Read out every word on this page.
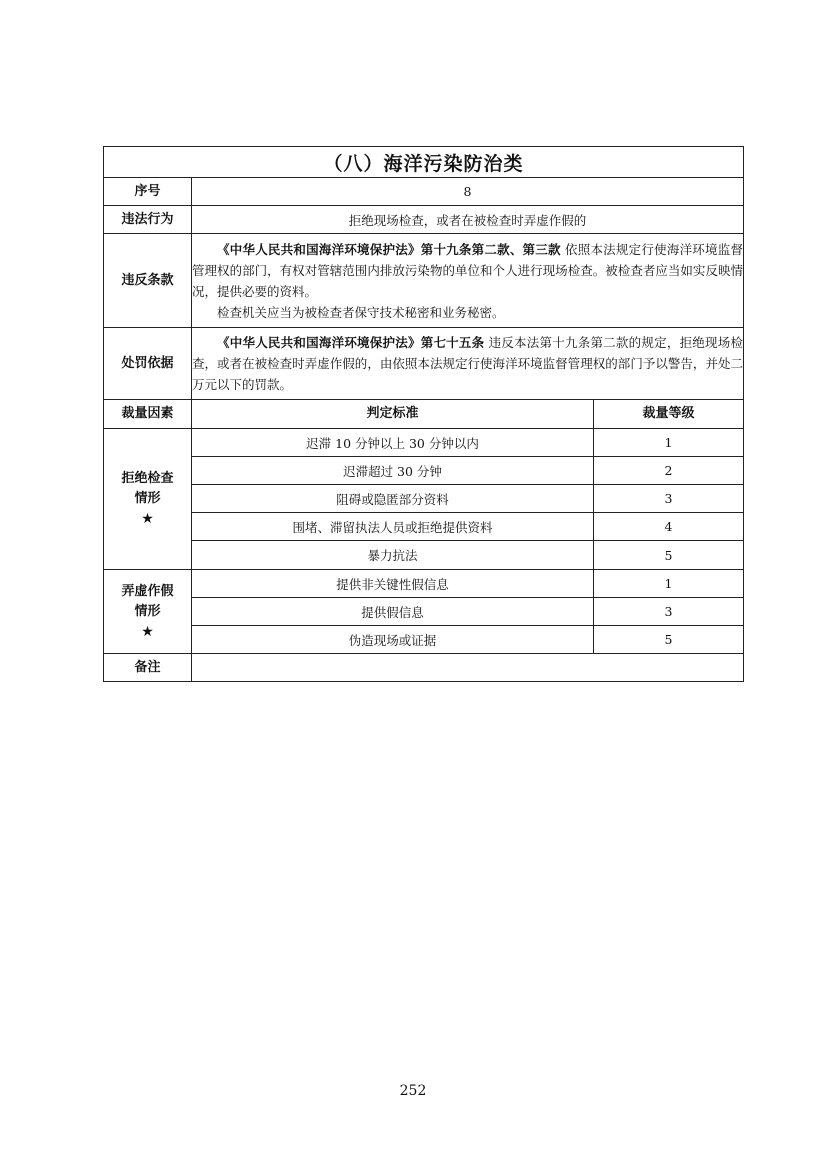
（八）海洋污染防治类		
序号	8	
违法行为	拒绝现场检查，或者在被检查时弄虚作假的	
违反条款	《中华人民共和国海洋环境保护法》第十九条第二款、第三款 依照本法规定行使海洋环境监督管理权的部门，有权对管辖范围内排放污染物的单位和个人进行现场检查。被检查者应当如实反映情况，提供必要的资料。

检查机关应当为被检查者保守技术秘密和业务秘密。	

处罚依据	《中华人民共和国海洋环境保护法》第七十五条 违反本法第十九条第二款的规定，拒绝现场检查，或者在被检查时弄虚作假的，由依照本法规定行使海洋环境监督管理权的部门予以警告，并处二万元以下的罚款。	

裁量因素	判定标准	裁量等级
拒绝检查
情形
★	迟滞 10 分钟以上 30 分钟以内	1
	迟滞超过 30 分钟	2
	阻碍或隐匿部分资料	3
	围堵、滞留执法人员或拒绝提供资料	4
	暴力抗法	5
弄虚作假
情形
★	提供非关键性假信息	1
	提供假信息	3
	伪造现场或证据	5
备注		
252
